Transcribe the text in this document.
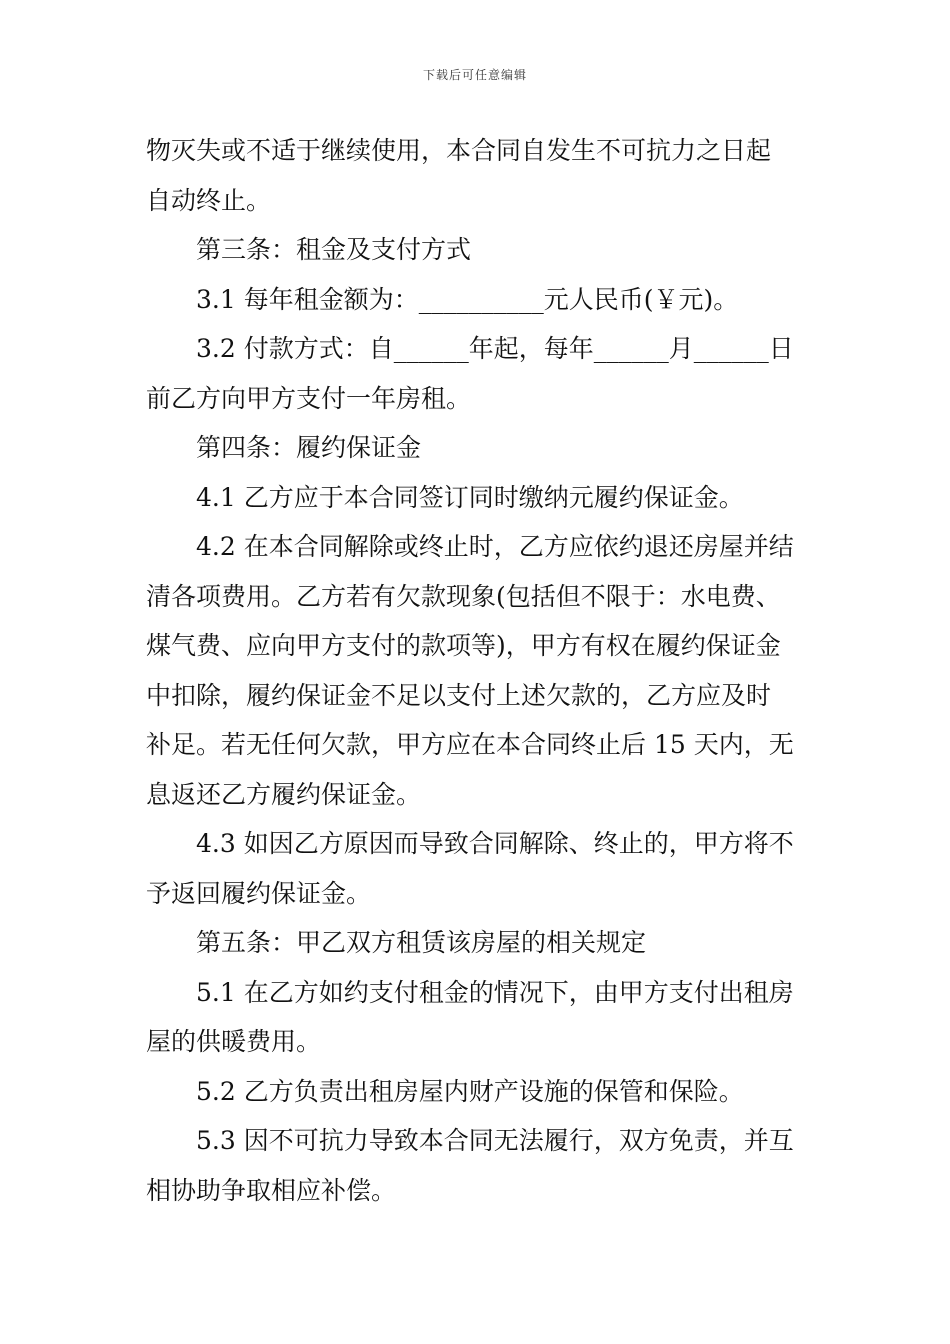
下载后可任意编辑
物灭失或不适于继续使用，本合同自发生不可抗力之日起
自动终止。
第三条：租金及支付方式
3.1 每年租金额为：__________元人民币(￥元)。
3.2 付款方式：自______年起，每年______月______日
前乙方向甲方支付一年房租。
第四条：履约保证金
4.1 乙方应于本合同签订同时缴纳元履约保证金。
4.2 在本合同解除或终止时，乙方应依约退还房屋并结
清各项费用。乙方若有欠款现象(包括但不限于：水电费、
煤气费、应向甲方支付的款项等)，甲方有权在履约保证金
中扣除，履约保证金不足以支付上述欠款的，乙方应及时
补足。若无任何欠款，甲方应在本合同终止后 15 天内，无
息返还乙方履约保证金。
4.3 如因乙方原因而导致合同解除、终止的，甲方将不
予返回履约保证金。
第五条：甲乙双方租赁该房屋的相关规定
5.1 在乙方如约支付租金的情况下，由甲方支付出租房
屋的供暖费用。
5.2 乙方负责出租房屋内财产设施的保管和保险。
5.3 因不可抗力导致本合同无法履行，双方免责，并互
相协助争取相应补偿。
